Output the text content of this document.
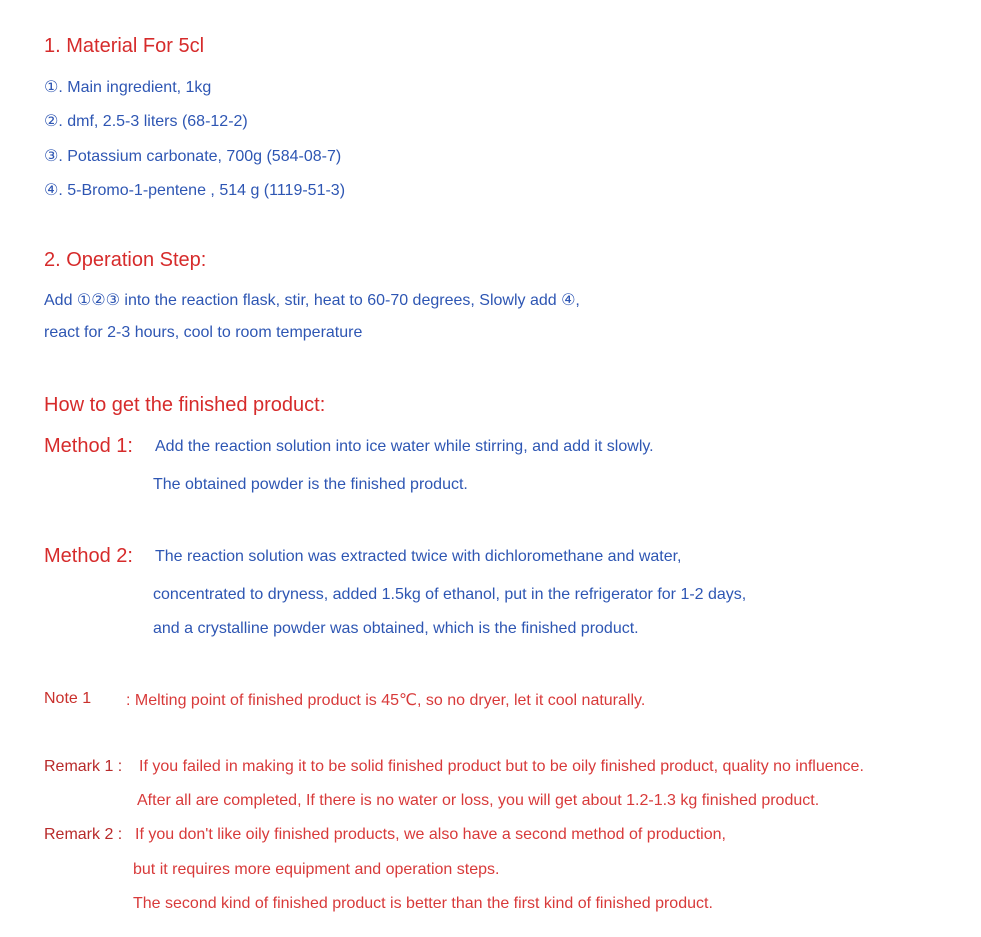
1. Material For 5cl
①. Main ingredient, 1kg
②. dmf, 2.5-3 liters (68-12-2)
③. Potassium carbonate, 700g (584-08-7)
④. 5-Bromo-1-pentene , 514 g (1119-51-3)
2. Operation Step:
Add ①②③ into the reaction flask, stir, heat to 60-70 degrees, Slowly add ④,
react for 2-3 hours, cool to room temperature
How to get the finished product:
Method 1: Add the reaction solution into ice water while stirring, and add it slowly.
The obtained powder is the finished product.
Method 2: The reaction solution was extracted twice with dichloromethane and water,
concentrated to dryness, added 1.5kg of ethanol, put in the refrigerator for 1-2 days,
and a crystalline powder was obtained, which is the finished product.
Note 1 : Melting point of finished product is 45℃, so no dryer, let it cool naturally.
Remark 1 : If you failed in making it to be solid finished product but to be oily finished product, quality no influence.
After all are completed, If there is no water or loss, you will get about 1.2-1.3 kg finished product.
Remark 2 : If you don't like oily finished products, we also have a second method of production,
but it requires more equipment and operation steps.
The second kind of finished product is better than the first kind of finished product.
